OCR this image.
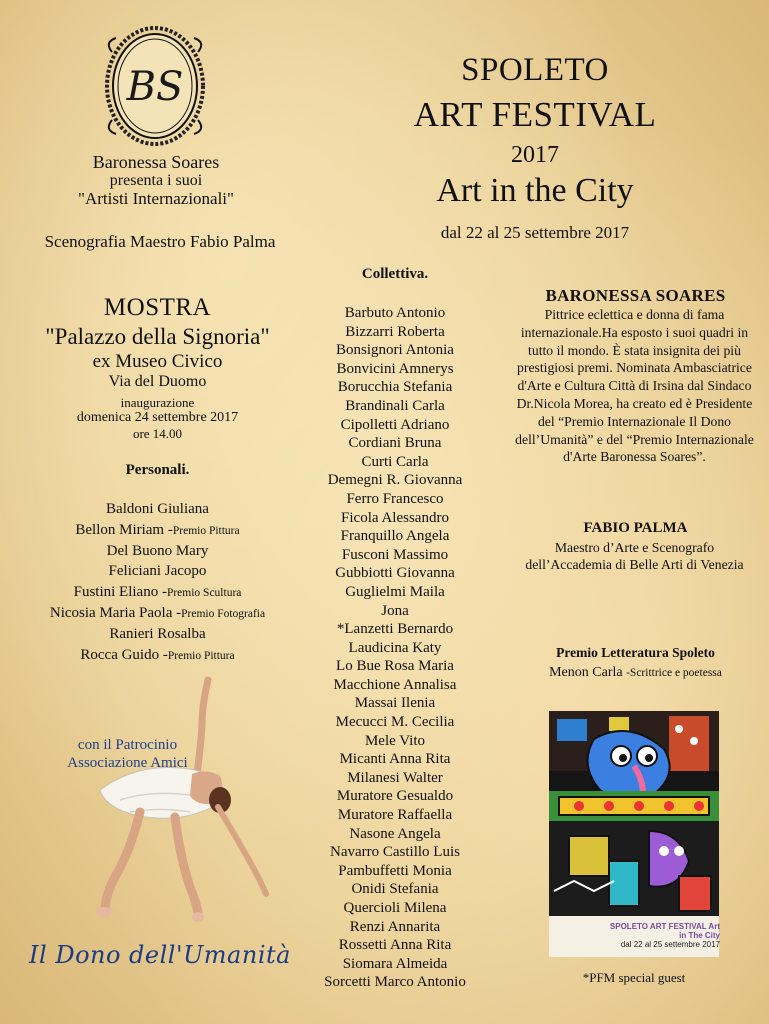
BS
Baronessa Soares
presenta i suoi
"Artisti Internazionali"
Scenografia Maestro Fabio Palma
SPOLETO
ART FESTIVAL
2017
Art in the City
dal 22 al 25 settembre 2017
MOSTRA
"Palazzo della Signoria"
ex Museo Civico
Via del Duomo
inaugurazione
domenica 24 settembre 2017
ore 14.00
Personali.
Baldoni Giuliana
Bellon Miriam -Premio Pittura
Del Buono Mary
Feliciani Jacopo
Fustini Eliano -Premio Scultura
Nicosia Maria Paola -Premio Fotografia
Ranieri Rosalba
Rocca Guido -Premio Pittura
con il Patrocinio
Associazione Amici
Il Dono dell'Umanità
Collettiva.
Barbuto Antonio
Bizzarri Roberta
Bonsignori Antonia
Bonvicini Amnerys
Borucchia Stefania
Brandinali Carla
Cipolletti Adriano
Cordiani Bruna
Curti Carla
Demegni R. Giovanna
Ferro Francesco
Ficola Alessandro
Franquillo Angela
Fusconi Massimo
Gubbiotti Giovanna
Guglielmi Maila
Jona
*Lanzetti Bernardo
Laudicina Katy
Lo Bue Rosa Maria
Macchione Annalisa
Massai Ilenia
Mecucci M. Cecilia
Mele Vito
Micanti Anna Rita
Milanesi Walter
Muratore Gesualdo
Muratore Raffaella
Nasone Angela
Navarro Castillo Luis
Pambuffetti Monia
Onidi Stefania
Quercioli Milena
Renzi Annarita
Rossetti Anna Rita
Siomara Almeida
Sorcetti Marco Antonio
BARONESSA SOARES
Pittrice eclettica e donna di fama internazionale.Ha esposto i suoi quadri in tutto il mondo. È stata insignita dei più prestigiosi premi. Nominata Ambasciatrice d'Arte e Cultura Città di Irsina dal Sindaco Dr.Nicola Morea, ha creato ed è Presidente del “Premio Internazionale Il Dono dell’Umanità” e del “Premio Internazionale d'Arte Baronessa Soares”.
FABIO PALMA
Maestro d’Arte e Scenografo dell’Accademia di Belle Arti di Venezia
Premio Letteratura Spoleto
Menon Carla -Scrittrice e poetessa
SPOLETO ART FESTIVAL Art in The City
dal 22 al 25 settembre 2017
*PFM special guest
